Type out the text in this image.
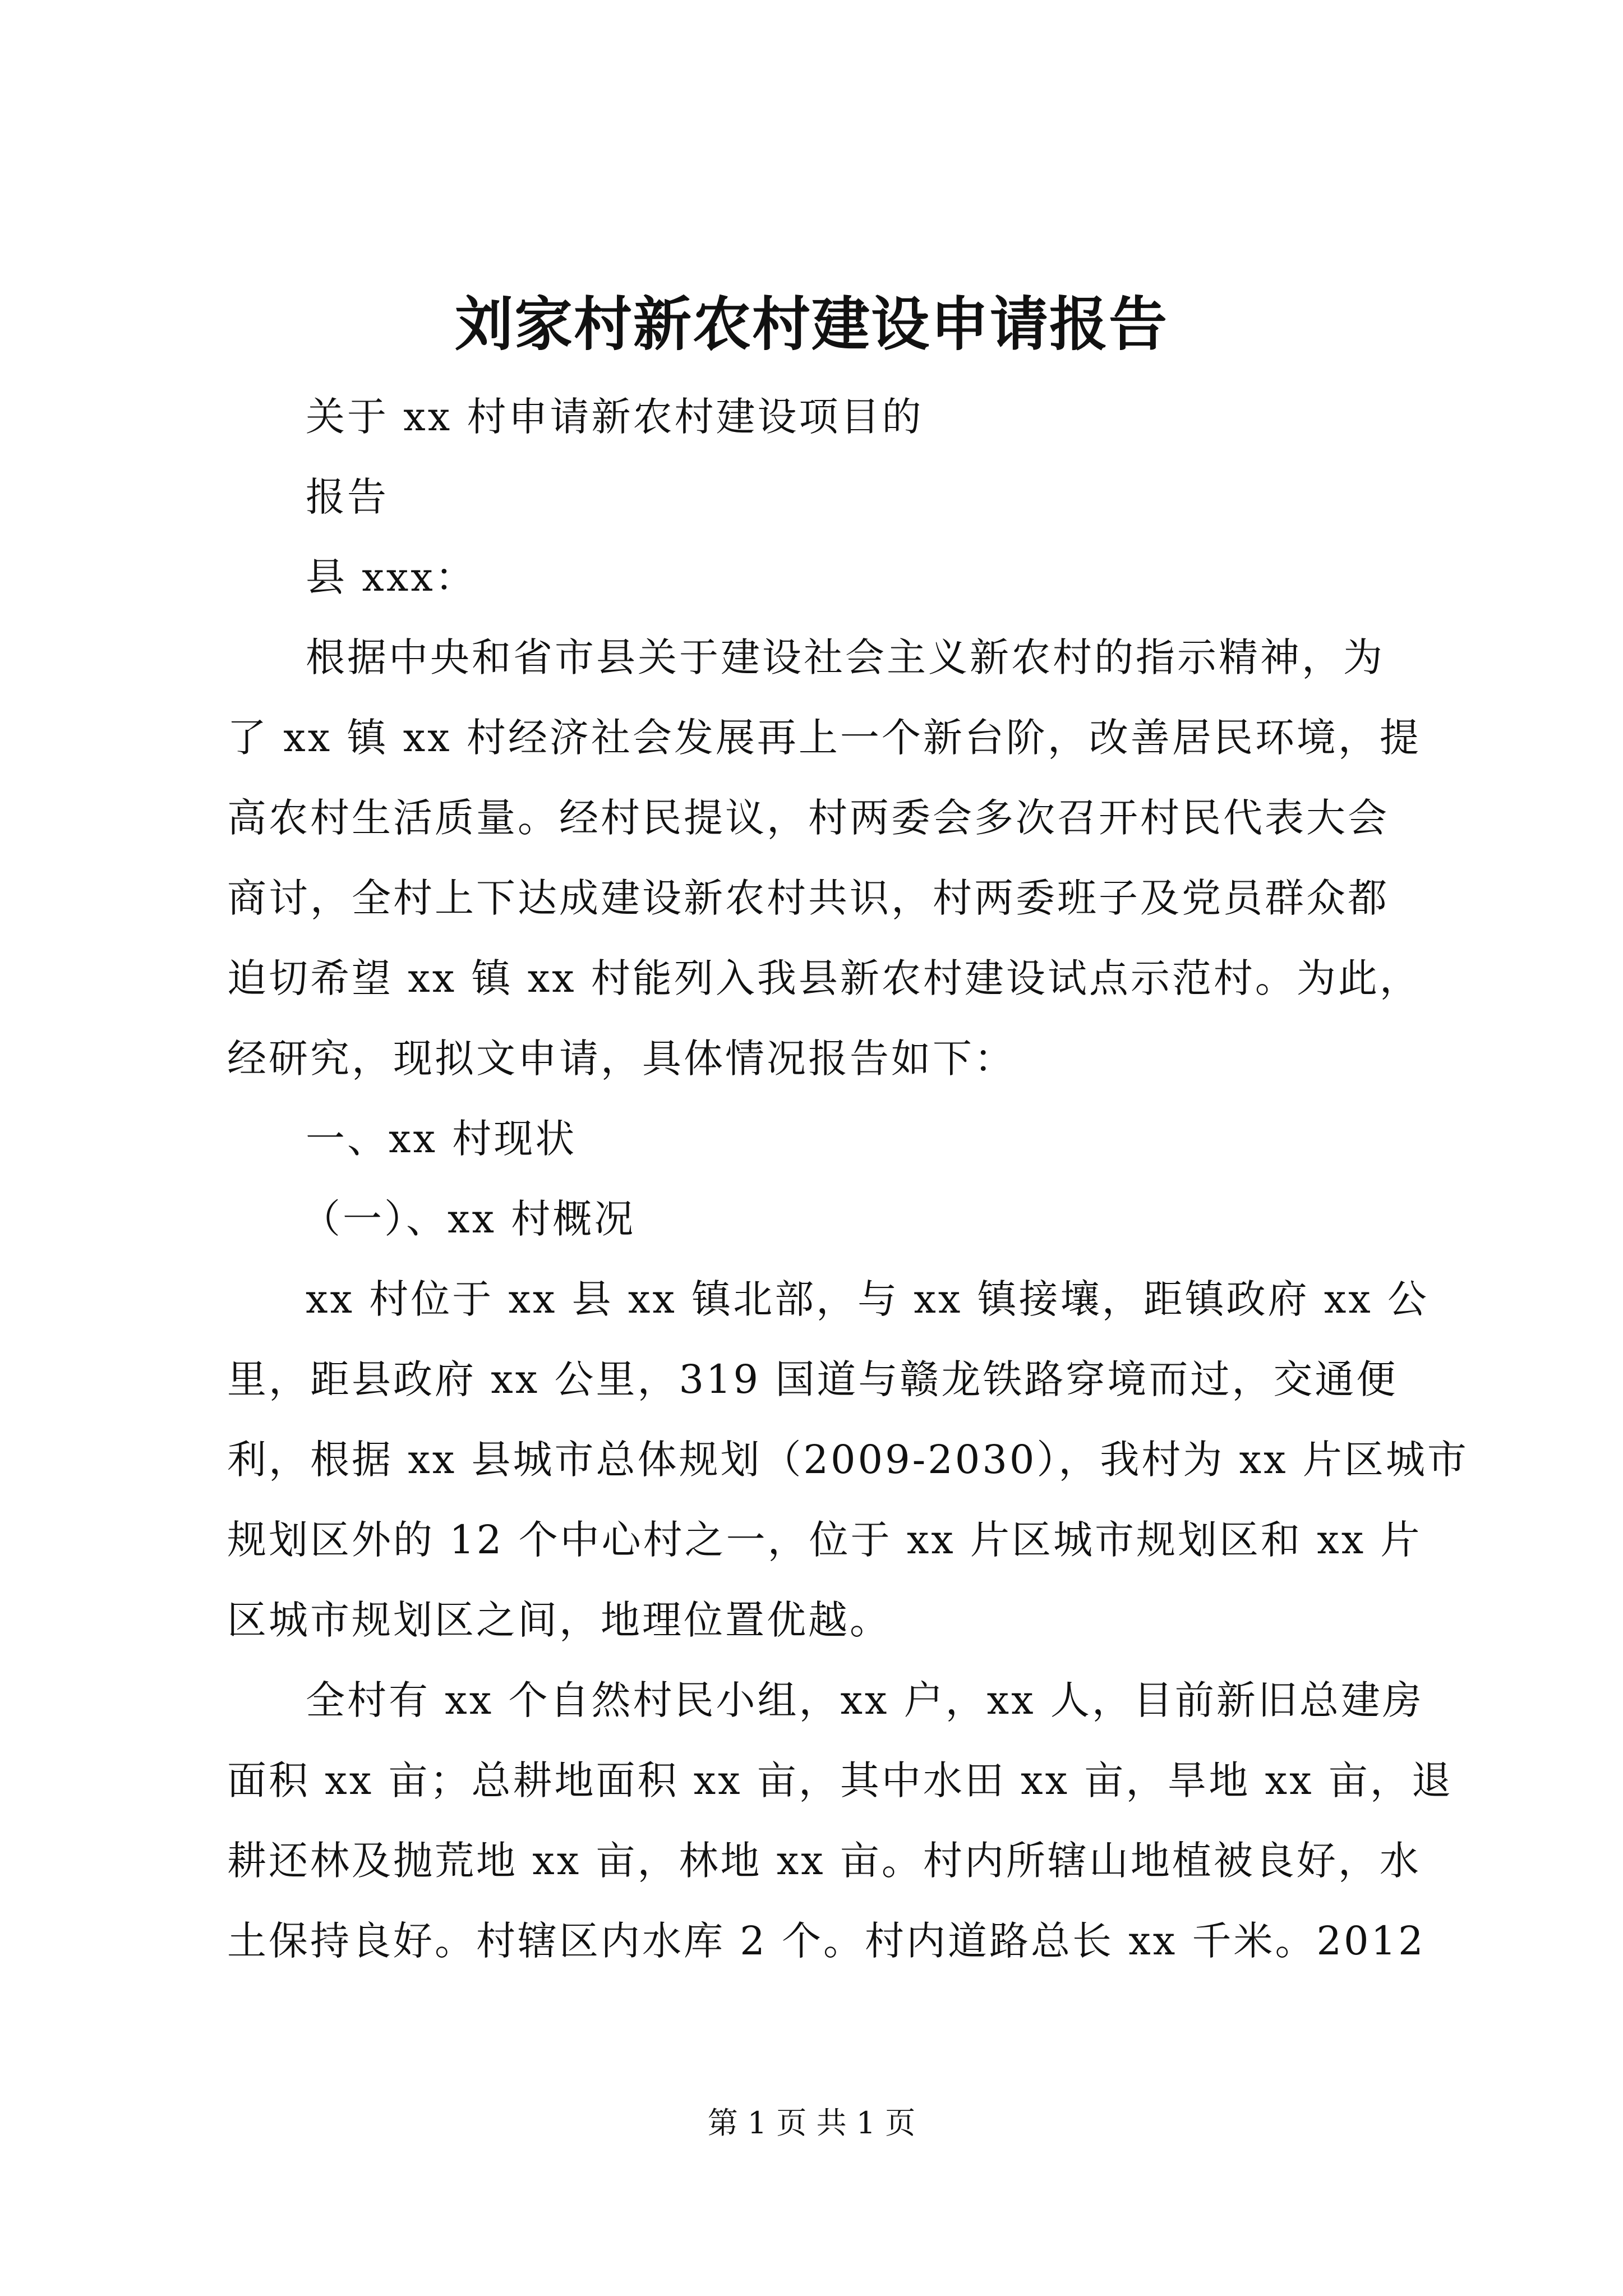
刘家村新农村建设申请报告
关于 xx 村申请新农村建设项目的
报告
县 xxx：
根据中央和省市县关于建设社会主义新农村的指示精神，为
了 xx 镇 xx 村经济社会发展再上一个新台阶，改善居民环境，提
高农村生活质量。经村民提议，村两委会多次召开村民代表大会
商讨，全村上下达成建设新农村共识，村两委班子及党员群众都
迫切希望 xx 镇 xx 村能列入我县新农村建设试点示范村。为此，
经研究，现拟文申请，具体情况报告如下：
一、xx 村现状
（一）、xx 村概况
xx 村位于 xx 县 xx 镇北部，与 xx 镇接壤，距镇政府 xx 公
里，距县政府 xx 公里，319 国道与赣龙铁路穿境而过，交通便
利，根据 xx 县城市总体规划（2009-2030），我村为 xx 片区城市
规划区外的 12 个中心村之一，位于 xx 片区城市规划区和 xx 片
区城市规划区之间，地理位置优越。
全村有 xx 个自然村民小组，xx 户，xx 人，目前新旧总建房
面积 xx 亩；总耕地面积 xx 亩，其中水田 xx 亩，旱地 xx 亩，退
耕还林及抛荒地 xx 亩，林地 xx 亩。村内所辖山地植被良好，水
土保持良好。村辖区内水库 2 个。村内道路总长 xx 千米。2012
第 1 页 共 1 页
